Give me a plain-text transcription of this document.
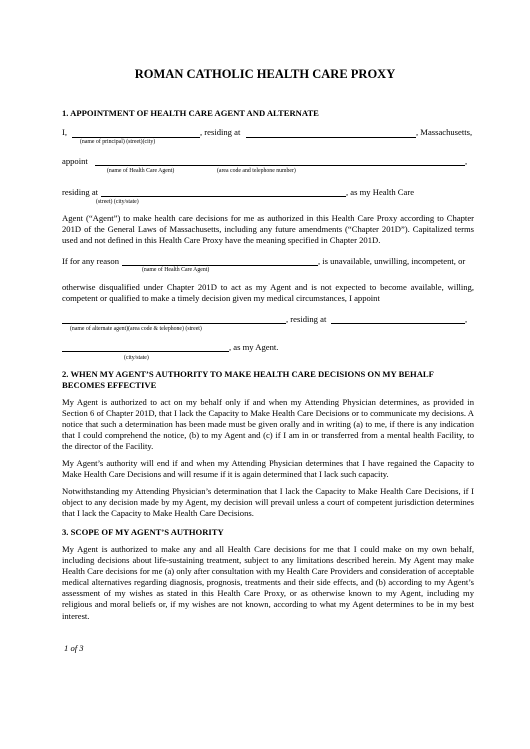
ROMAN CATHOLIC HEALTH CARE PROXY
1. APPOINTMENT OF HEALTH CARE AGENT AND ALTERNATE
I,	, residing at	, Massachusetts,
(name of principal) (street)(city)
appoint	,
(name of Health Care Agent)	(area code and telephone number)
residing at	, as my Health Care
(street) (city/state)
Agent (“Agent”) to make health care decisions for me as authorized in this Health Care Proxy according to Chapter 201D of the General Laws of Massachusetts, including any future amendments (“Chapter 201D”). Capitalized terms used and not defined in this Health Care Proxy have the meaning specified in Chapter 201D.
If for any reason	, is unavailable, unwilling, incompetent, or
(name of Health Care Agent)
otherwise disqualified under Chapter 201D to act as my Agent and is not expected to become available, willing, competent or qualified to make a timely decision given my medical circumstances, I appoint
, residing at	,
(name of alternate agent)(area code & telephone) (street)
, as my Agent.
(city/state)
2. WHEN MY AGENT’S AUTHORITY TO MAKE HEALTH CARE DECISIONS ON MY BEHALF
BECOMES EFFECTIVE
My Agent is authorized to act on my behalf only if and when my Attending Physician determines, as provided in Section 6 of Chapter 201D, that I lack the Capacity to Make Health Care Decisions or to communicate my decisions. A notice that such a determination has been made must be given orally and in writing (a) to me, if there is any indication that I could comprehend the notice, (b) to my Agent and (c) if I am in or transferred from a mental health Facility, to the director of the Facility.
My Agent’s authority will end if and when my Attending Physician determines that I have regained the Capacity to Make Health Care Decisions and will resume if it is again determined that I lack such capacity.
Notwithstanding my Attending Physician’s determination that I lack the Capacity to Make Health Care Decisions, if I object to any decision made by my Agent, my decision will prevail unless a court of competent jurisdiction determines that I lack the Capacity to Make Health Care Decisions.
3. SCOPE OF MY AGENT’S AUTHORITY
My Agent is authorized to make any and all Health Care decisions for me that I could make on my own behalf, including decisions about life-sustaining treatment, subject to any limitations described herein. My Agent may make Health Care decisions for me (a) only after consultation with my Health Care Providers and consideration of acceptable medical alternatives regarding diagnosis, prognosis, treatments and their side effects, and (b) according to my Agent’s assessment of my wishes as stated in this Health Care Proxy, or as otherwise known to my Agent, including my religious and moral beliefs or, if my wishes are not known, according to what my Agent determines to be in my best interest.
1 of 3
